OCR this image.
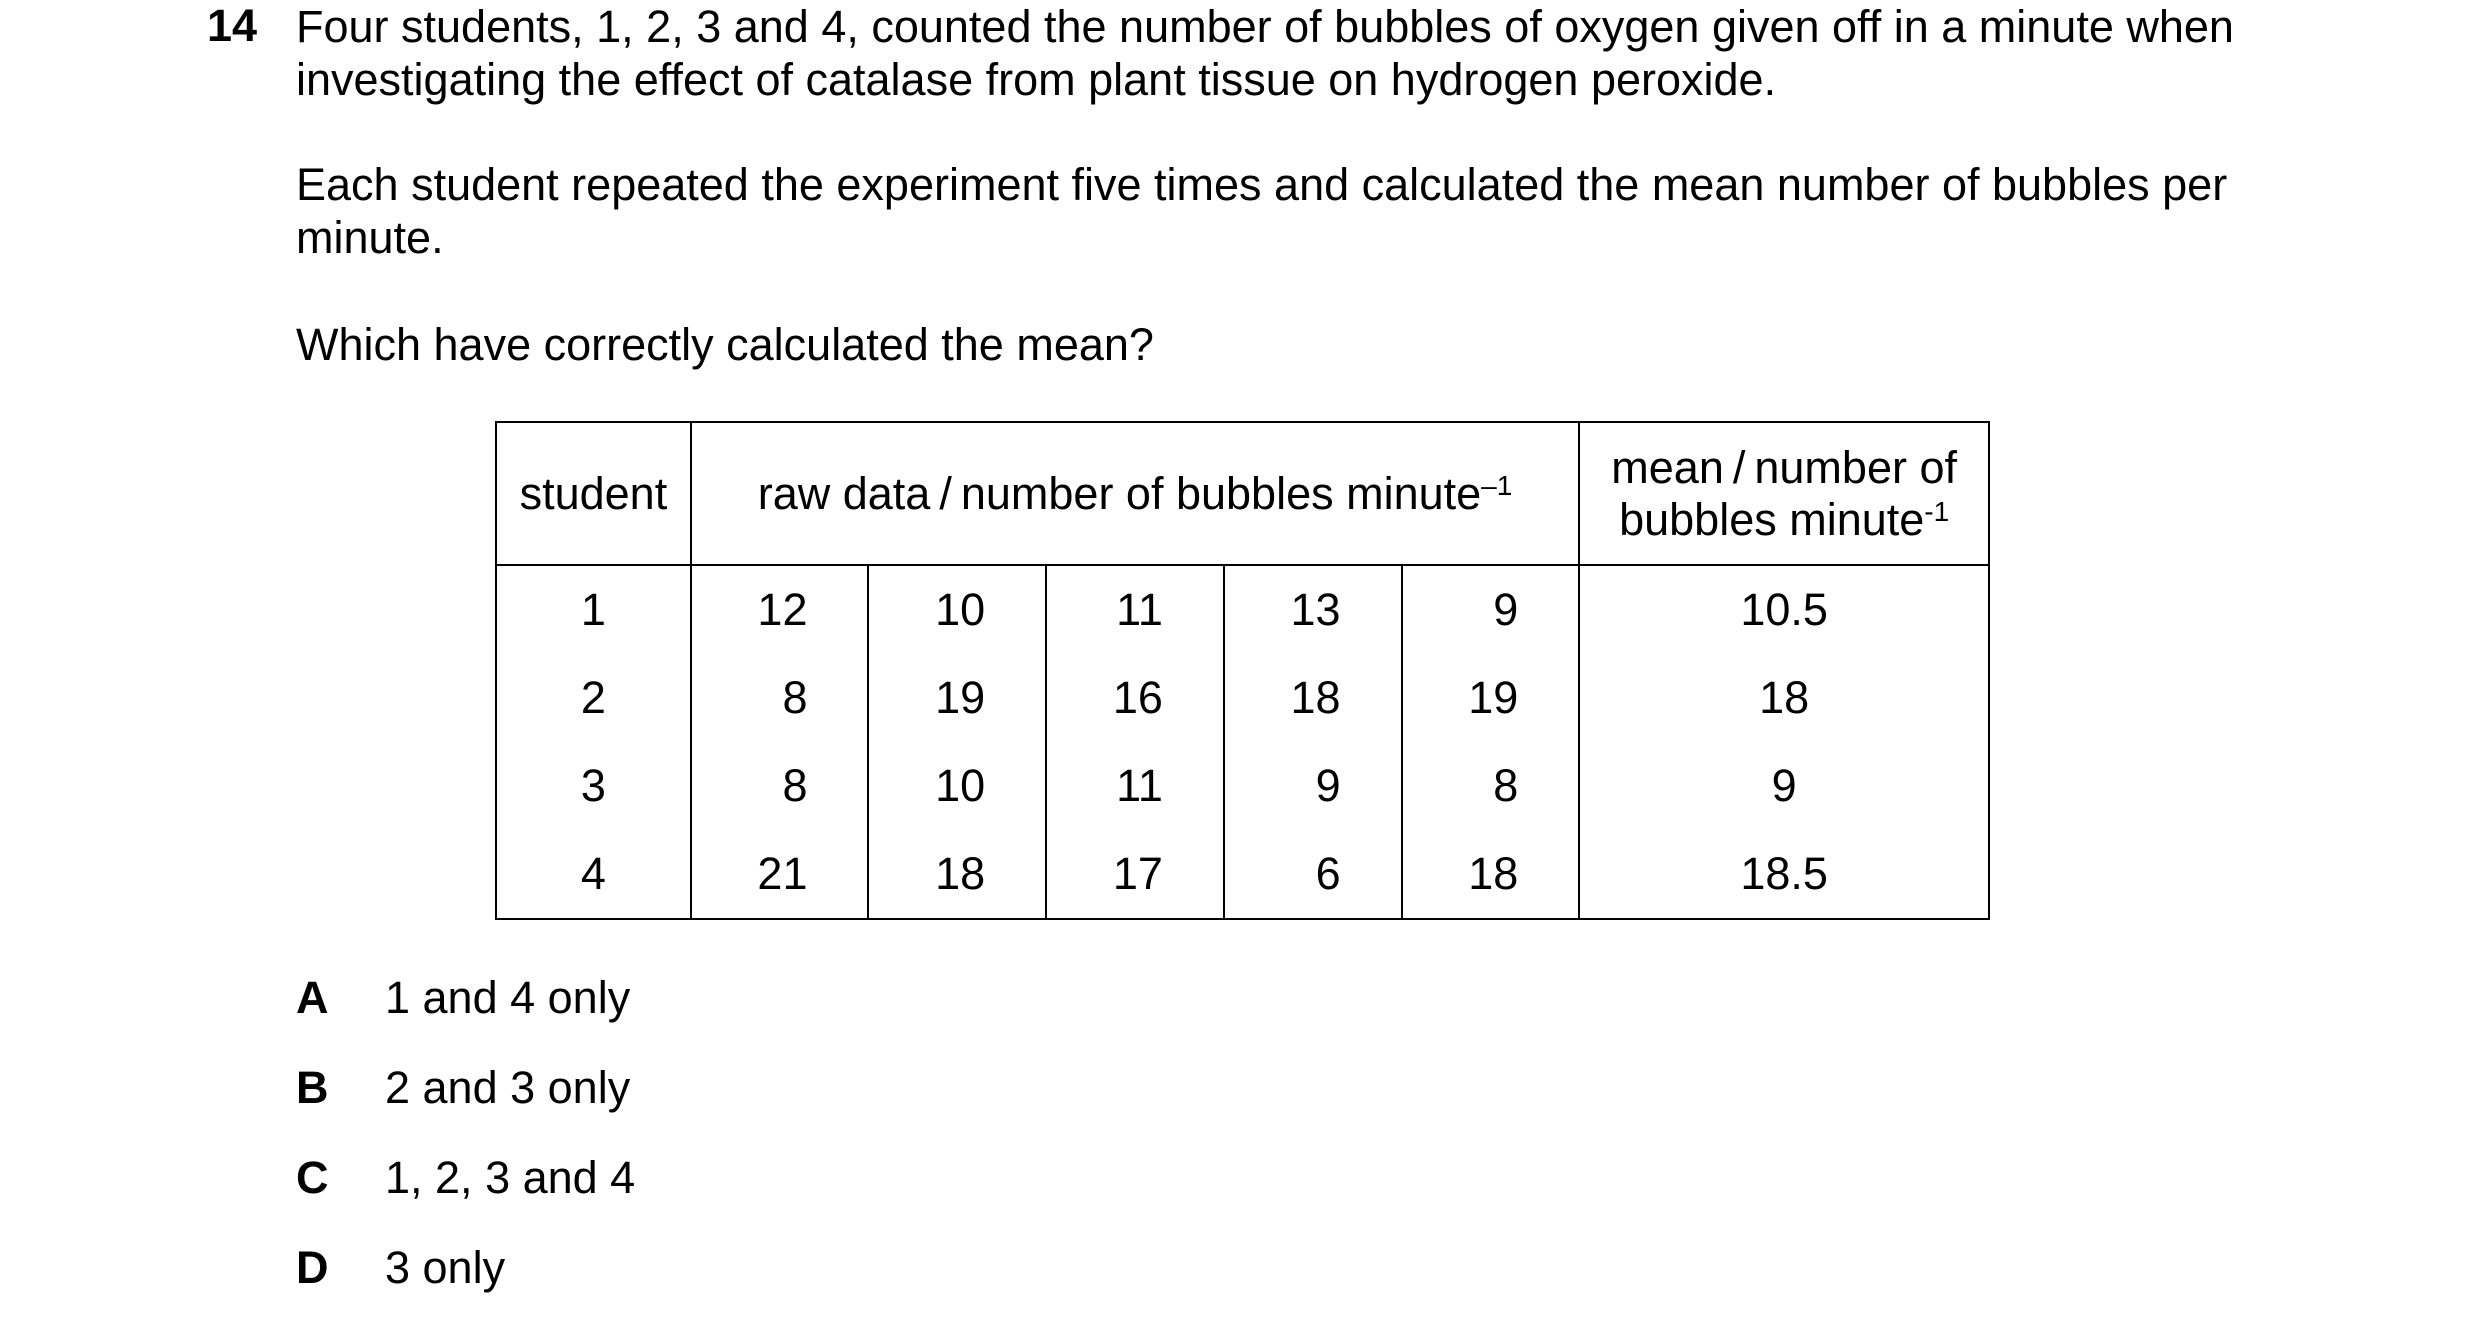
14 Four students, 1, 2, 3 and 4, counted the number of bubbles of oxygen given off in a minute when investigating the effect of catalase from plant tissue on hydrogen peroxide.

Each student repeated the experiment five times and calculated the mean number of bubbles per minute.

Which have correctly calculated the mean?

student	raw data / number of bubbles minute$^{-1}$					mean / number of
bubbles minute$^{-1}$
1	12	10	11	13	9	10.5
2	8	19	16	18	19	18
3	8	10	11	9	8	9
4	21	18	17	6	18	18.5
A	1 and 4 only
B	2 and 3 only
C	1, 2, 3 and 4
D	3 only
